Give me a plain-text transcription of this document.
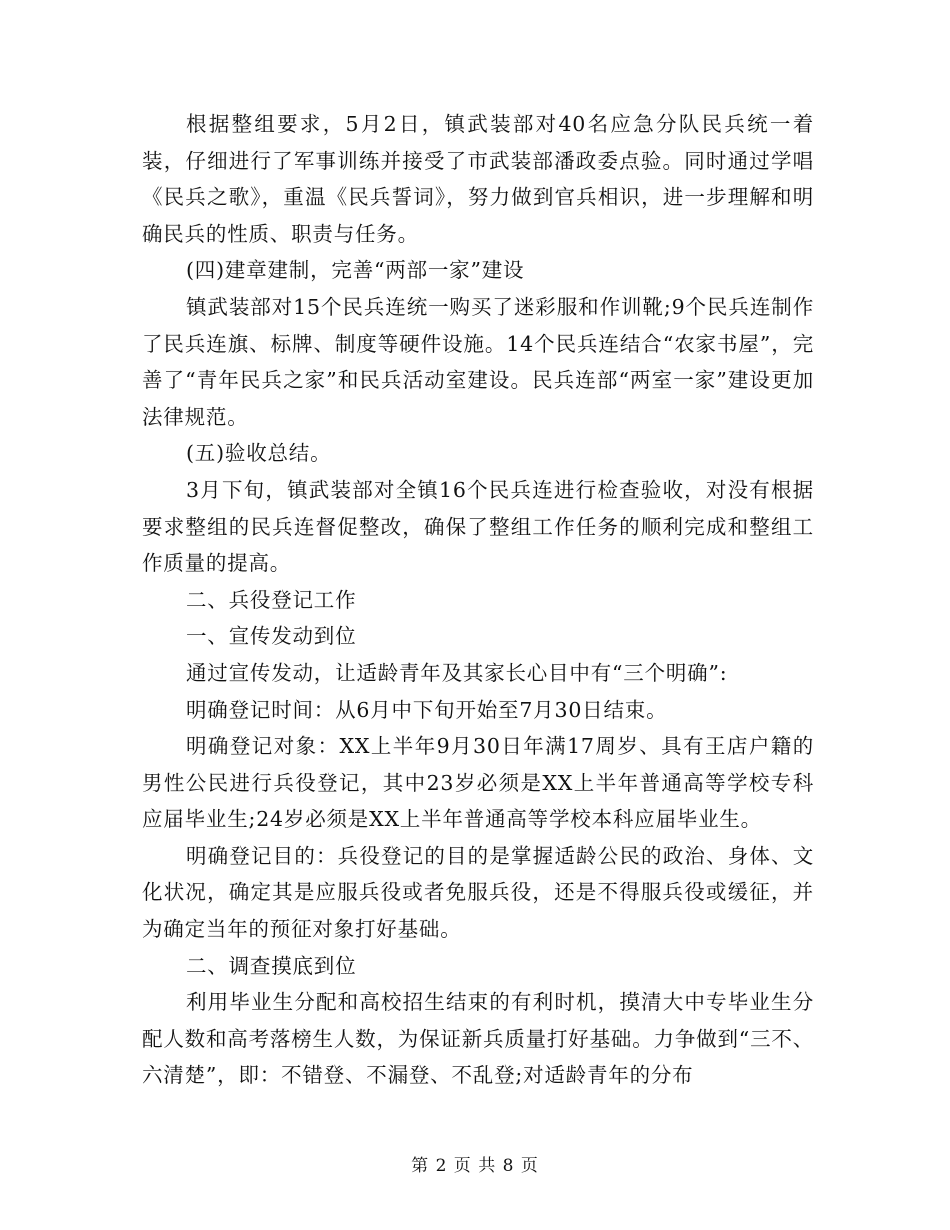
根据整组要求，5月2日，镇武装部对40名应急分队民兵统一着装，仔细进行了军事训练并接受了市武装部潘政委点验。同时通过学唱《民兵之歌》，重温《民兵誓词》，努力做到官兵相识，进一步理解和明确民兵的性质、职责与任务。

(四)建章建制，完善“两部一家”建设

镇武装部对15个民兵连统一购买了迷彩服和作训靴;9个民兵连制作了民兵连旗、标牌、制度等硬件设施。14个民兵连结合“农家书屋”，完善了“青年民兵之家”和民兵活动室建设。民兵连部“两室一家”建设更加法律规范。

(五)验收总结。

3月下旬，镇武装部对全镇16个民兵连进行检查验收，对没有根据要求整组的民兵连督促整改，确保了整组工作任务的顺利完成和整组工作质量的提高。

二、兵役登记工作

一、宣传发动到位

通过宣传发动，让适龄青年及其家长心目中有“三个明确”:

明确登记时间：从6月中下旬开始至7月30日结束。

明确登记对象：XX上半年9月30日年满17周岁、具有王店户籍的男性公民进行兵役登记，其中23岁必须是XX上半年普通高等学校专科应届毕业生;24岁必须是XX上半年普通高等学校本科应届毕业生。

明确登记目的：兵役登记的目的是掌握适龄公民的政治、身体、文化状况，确定其是应服兵役或者免服兵役，还是不得服兵役或缓征，并为确定当年的预征对象打好基础。

二、调查摸底到位

利用毕业生分配和高校招生结束的有利时机，摸清大中专毕业生分配人数和高考落榜生人数，为保证新兵质量打好基础。力争做到“三不、六清楚”，即：不错登、不漏登、不乱登;对适龄青年的分布

第 2 页 共 8 页
